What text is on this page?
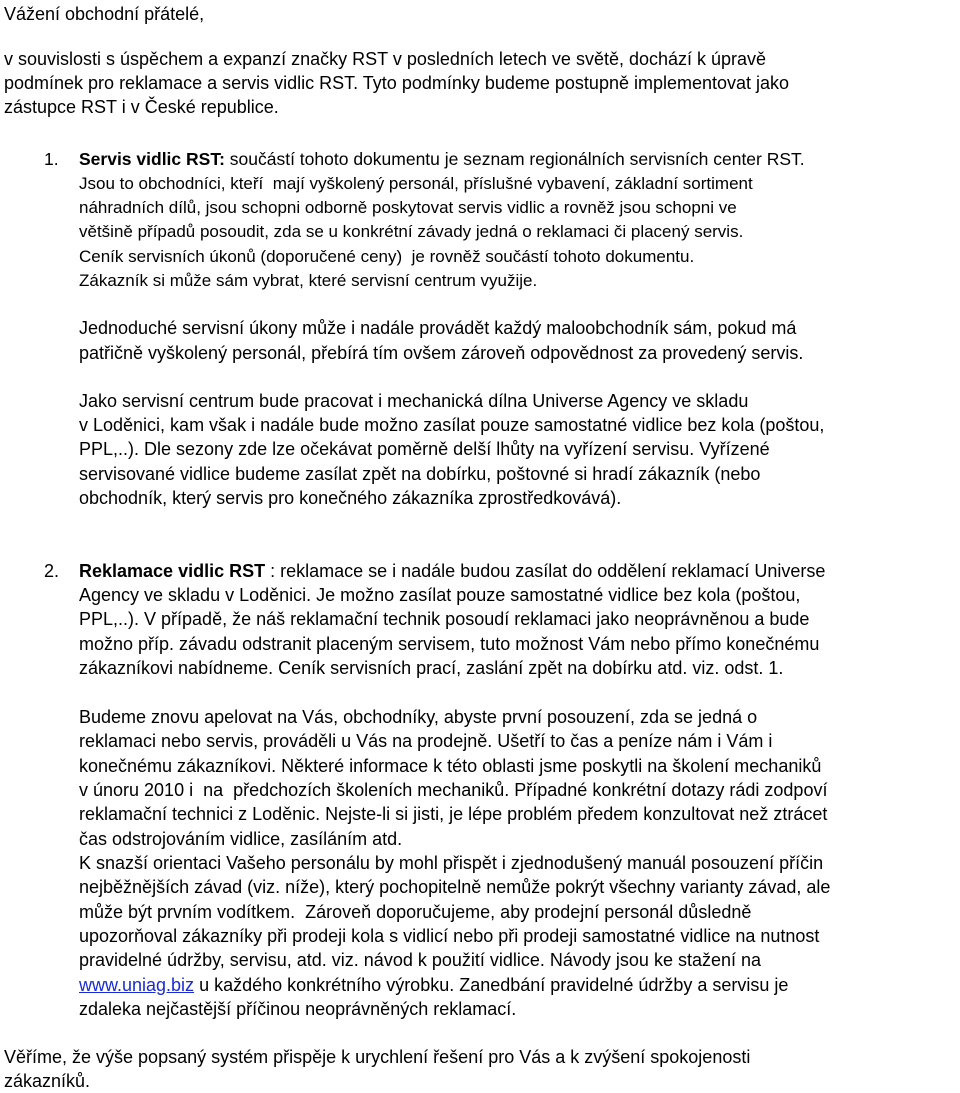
Vážení obchodní přátelé,

v souvislosti s úspěchem a expanzí značky RST v posledních letech ve světě, dochází k úpravě

podmínek pro reklamace a servis vidlic RST. Tyto podmínky budeme postupně implementovat jako

zástupce RST i v České republice.

1. Servis vidlic RST: součástí tohoto dokumentu je seznam regionálních servisních center RST.

Jsou to obchodníci, kteří  mají vyškolený personál, příslušné vybavení, základní sortiment

náhradních dílů, jsou schopni odborně poskytovat servis vidlic a rovněž jsou schopni ve

většině případů posoudit, zda se u konkrétní závady jedná o reklamaci či placený servis.

Ceník servisních úkonů (doporučené ceny)  je rovněž součástí tohoto dokumentu.

Zákazník si může sám vybrat, které servisní centrum využije.

Jednoduché servisní úkony může i nadále provádět každý maloobchodník sám, pokud má

patřičně vyškolený personál, přebírá tím ovšem zároveň odpovědnost za provedený servis.

Jako servisní centrum bude pracovat i mechanická dílna Universe Agency ve skladu

v Loděnici, kam však i nadále bude možno zasílat pouze samostatné vidlice bez kola (poštou,

PPL,..). Dle sezony zde lze očekávat poměrně delší lhůty na vyřízení servisu. Vyřízené

servisované vidlice budeme zasílat zpět na dobírku, poštovné si hradí zákazník (nebo

obchodník, který servis pro konečného zákazníka zprostředkovává).

2. Reklamace vidlic RST : reklamace se i nadále budou zasílat do oddělení reklamací Universe

Agency ve skladu v Loděnici. Je možno zasílat pouze samostatné vidlice bez kola (poštou,

PPL,..). V případě, že náš reklamační technik posoudí reklamaci jako neoprávněnou a bude

možno příp. závadu odstranit placeným servisem, tuto možnost Vám nebo přímo konečnému

zákazníkovi nabídneme. Ceník servisních prací, zaslání zpět na dobírku atd. viz. odst. 1.

Budeme znovu apelovat na Vás, obchodníky, abyste první posouzení, zda se jedná o

reklamaci nebo servis, prováděli u Vás na prodejně. Ušetří to čas a peníze nám i Vám i

konečnému zákazníkovi. Některé informace k této oblasti jsme poskytli na školení mechaniků

v únoru 2010 i  na  předchozích školeních mechaniků. Případné konkrétní dotazy rádi zodpoví

reklamační technici z Loděnic. Nejste-li si jisti, je lépe problém předem konzultovat než ztrácet

čas odstrojováním vidlice, zasíláním atd.

K snazší orientaci Vašeho personálu by mohl přispět i zjednodušený manuál posouzení příčin

nejběžnějších závad (viz. níže), který pochopitelně nemůže pokrýt všechny varianty závad, ale

může být prvním vodítkem.  Zároveň doporučujeme, aby prodejní personál důsledně

upozorňoval zákazníky při prodeji kola s vidlicí nebo při prodeji samostatné vidlice na nutnost

pravidelné údržby, servisu, atd. viz. návod k použití vidlice. Návody jsou ke stažení na

www.uniag.biz u každého konkrétního výrobku. Zanedbání pravidelné údržby a servisu je

zdaleka nejčastější příčinou neoprávněných reklamací.

Věříme, že výše popsaný systém přispěje k urychlení řešení pro Vás a k zvýšení spokojenosti

zákazníků.
